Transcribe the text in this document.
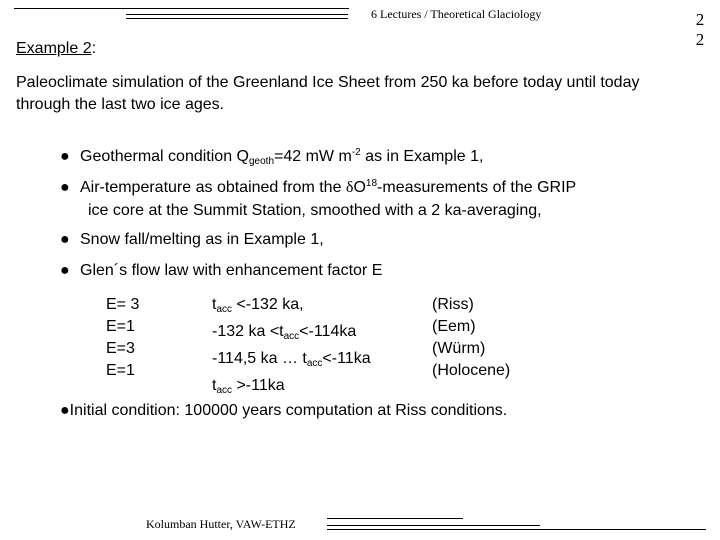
6 Lectures / Theoretical Glaciology	2
2
Example 2:
Paleoclimate simulation of the Greenland Ice Sheet from 250 ka before today until today through the last two ice ages.
● Geothermal condition $Q_{geoth}=42$ mW $m^{-2}$ as in Example 1,
● Air-temperature as obtained from the $\delta O^{18}$-measurements of the GRIP
ice core at the Summit Station, smoothed with a 2 ka-averaging,
● Snow fall/melting as in Example 1,
● Glen´s flow law with enhancement factor E
E= 3
E=1
E=3
E=1
$t_{acc} <-132$ ka,
-132 ka $<t_{acc}<-114ka$
-114,5 ka … $t_{acc}<-11ka$
$t_{acc} >-11ka$
(Riss)
(Eem)
(Würm)
(Holocene)
●Initial condition: 100000 years computation at Riss conditions.
Kolumban Hutter, VAW-ETHZ
